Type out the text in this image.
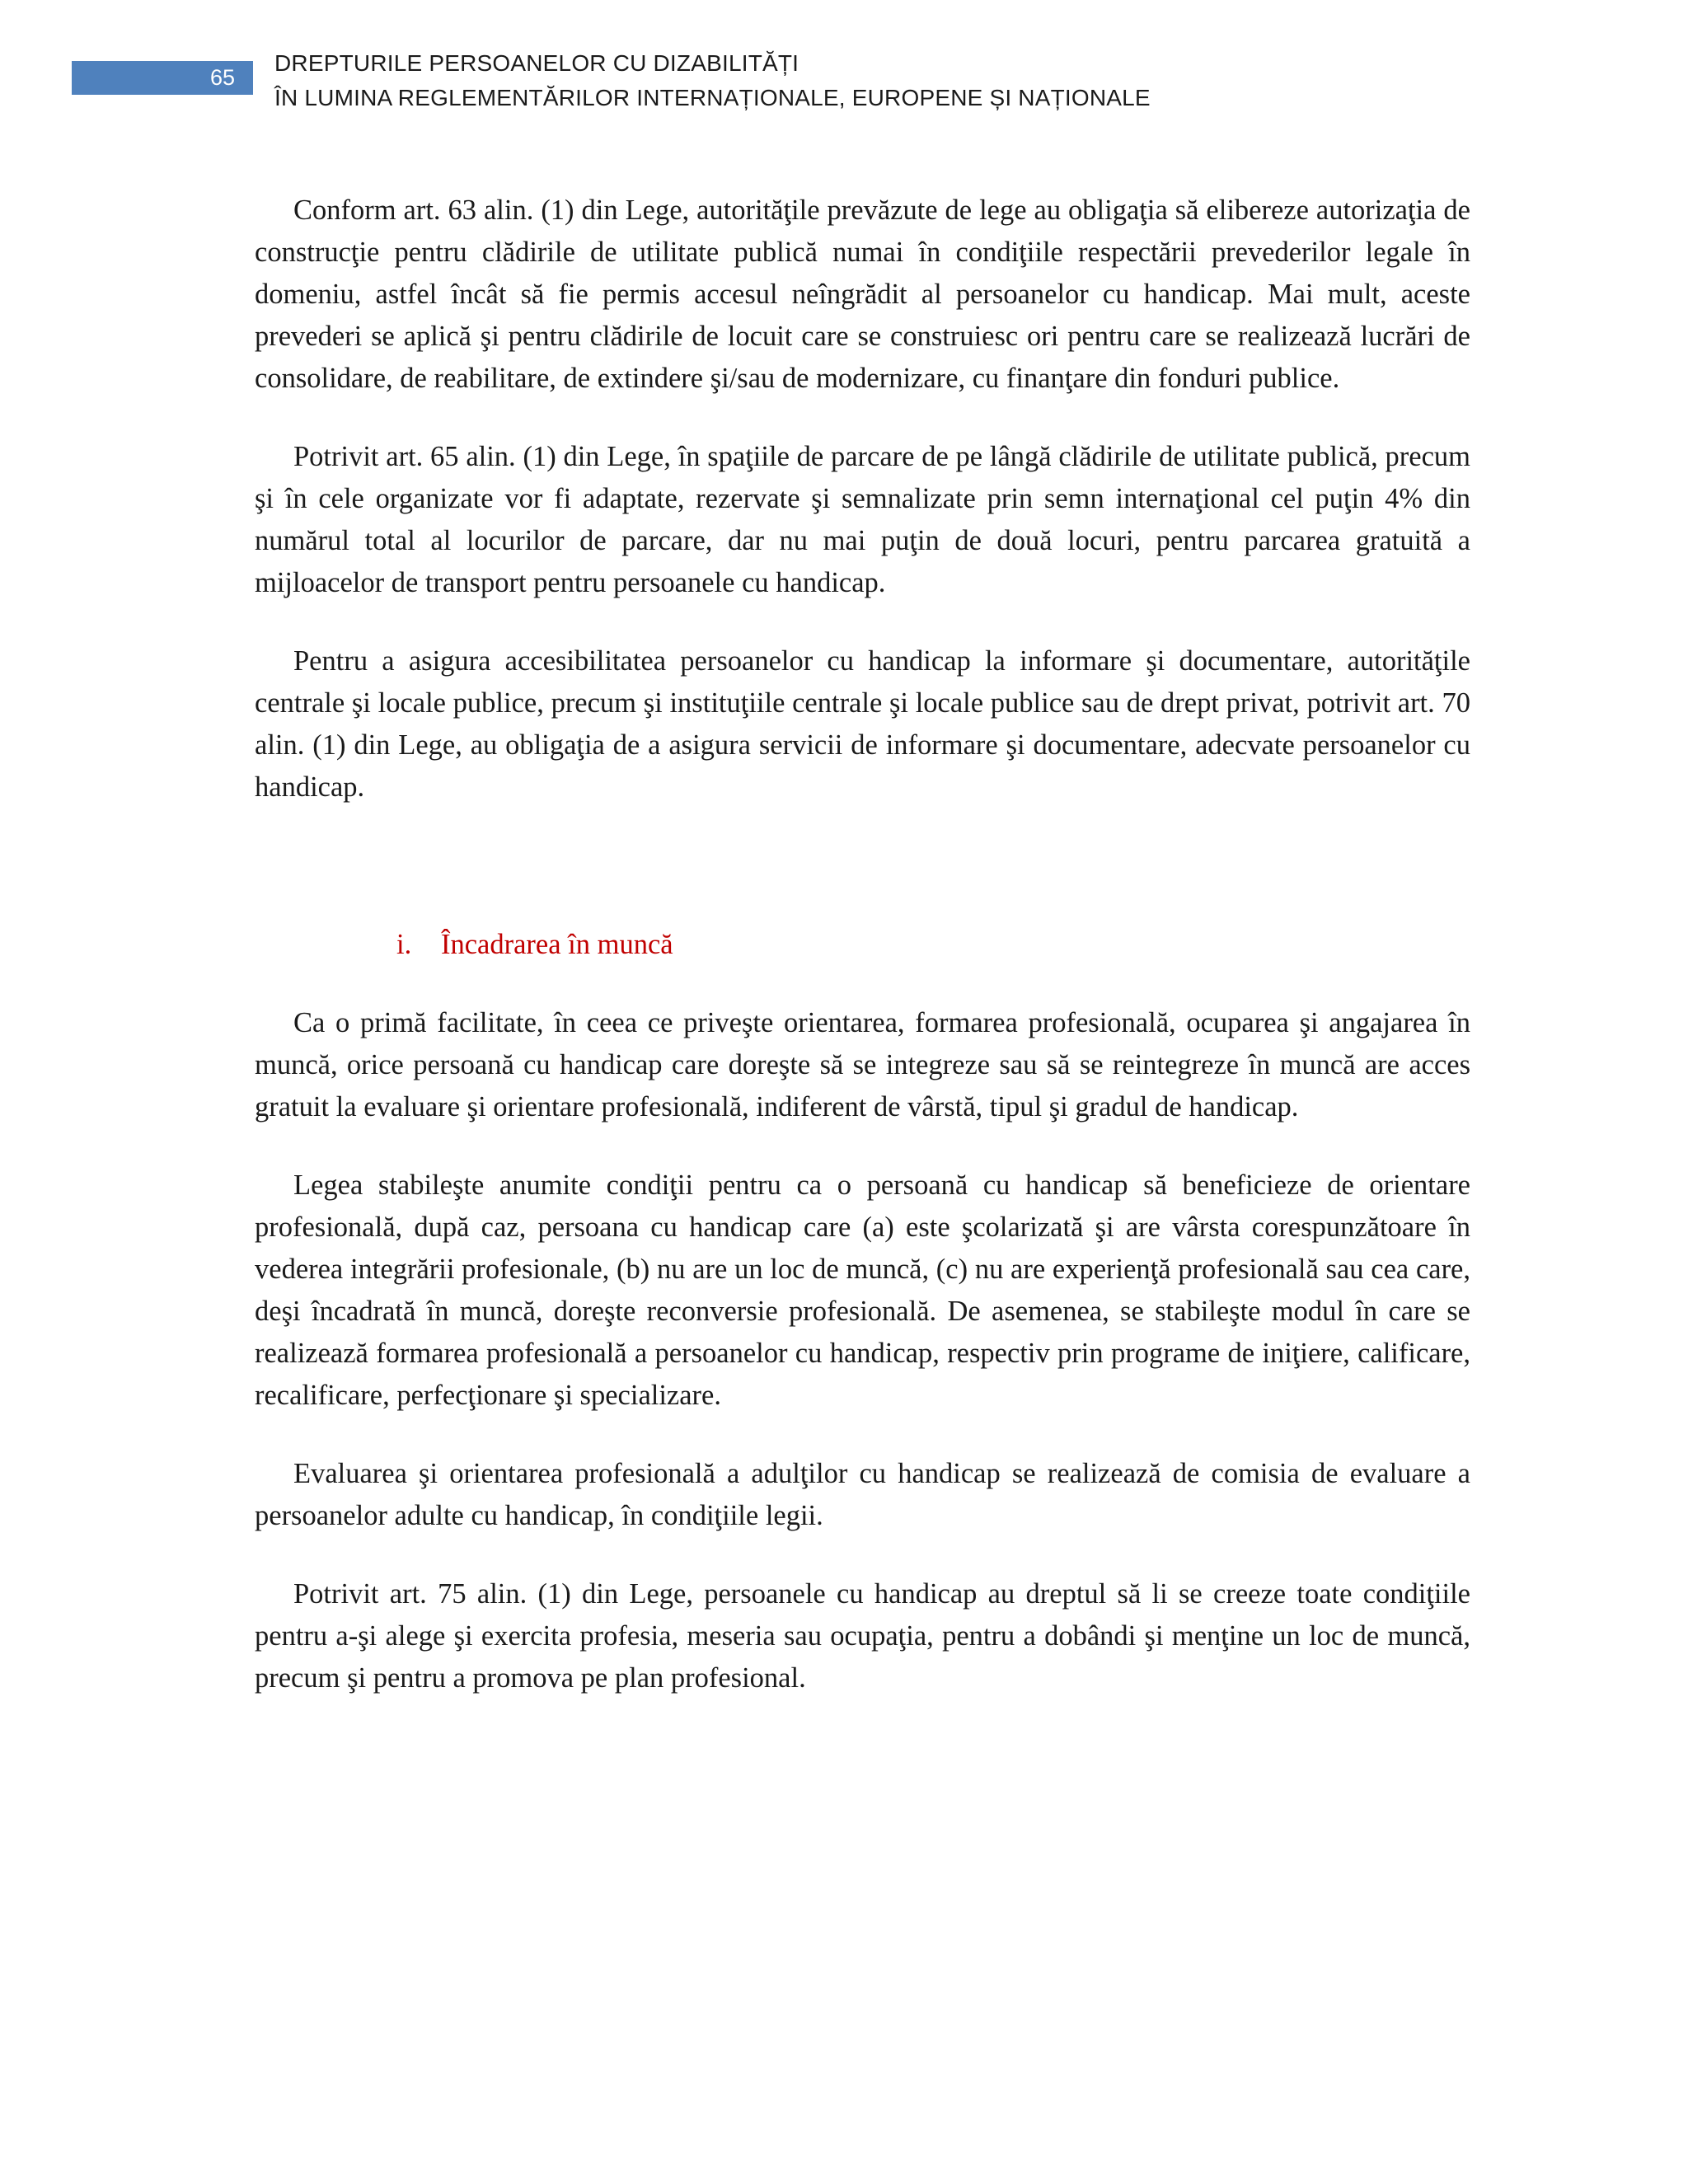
65
DREPTURILE PERSOANELOR CU DIZABILITĂȚI
ÎN LUMINA REGLEMENTĂRILOR INTERNAȚIONALE, EUROPENE ȘI NAȚIONALE

Conform art. 63 alin. (1) din Lege, autorităţile prevăzute de lege au obligaţia să elibereze autorizaţia de construcţie pentru clădirile de utilitate publică numai în condiţiile respectării prevederilor legale în domeniu, astfel încât să fie permis accesul neîngrădit al persoanelor cu handicap. Mai mult, aceste prevederi se aplică şi pentru clădirile de locuit care se construiesc ori pentru care se realizează lucrări de consolidare, de reabilitare, de extindere şi/sau de modernizare, cu finanţare din fonduri publice.

Potrivit art. 65 alin. (1) din Lege, în spaţiile de parcare de pe lângă clădirile de utilitate publică, precum şi în cele organizate vor fi adaptate, rezervate şi semnalizate prin semn internaţional cel puţin 4% din numărul total al locurilor de parcare, dar nu mai puţin de două locuri, pentru parcarea gratuită a mijloacelor de transport pentru persoanele cu handicap.

Pentru a asigura accesibilitatea persoanelor cu handicap la informare şi documentare, autorităţile centrale şi locale publice, precum şi instituţiile centrale şi locale publice sau de drept privat, potrivit art. 70 alin. (1) din Lege, au obligaţia de a asigura servicii de informare şi documentare, adecvate persoanelor cu handicap.

i.	Încadrarea în muncă

Ca o primă facilitate, în ceea ce priveşte orientarea, formarea profesională, ocuparea şi angajarea în muncă, orice persoană cu handicap care doreşte să se integreze sau să se reintegreze în muncă are acces gratuit la evaluare şi orientare profesională, indiferent de vârstă, tipul şi gradul de handicap.

Legea stabileşte anumite condiţii pentru ca o persoană cu handicap să beneficieze de orientare profesională, după caz, persoana cu handicap care (a) este şcolarizată şi are vârsta corespunzătoare în vederea integrării profesionale, (b) nu are un loc de muncă, (c) nu are experienţă profesională sau cea care, deşi încadrată în muncă, doreşte reconversie profesională. De asemenea, se stabileşte modul în care se realizează formarea profesională a persoanelor cu handicap, respectiv prin programe de iniţiere, calificare, recalificare, perfecţionare şi specializare.

Evaluarea şi orientarea profesională a adulţilor cu handicap se realizează de comisia de evaluare a persoanelor adulte cu handicap, în condiţiile legii.

Potrivit art. 75 alin. (1) din Lege, persoanele cu handicap au dreptul să li se creeze toate condiţiile pentru a-şi alege şi exercita profesia, meseria sau ocupaţia, pentru a dobândi şi menţine un loc de muncă, precum şi pentru a promova pe plan profesional.
